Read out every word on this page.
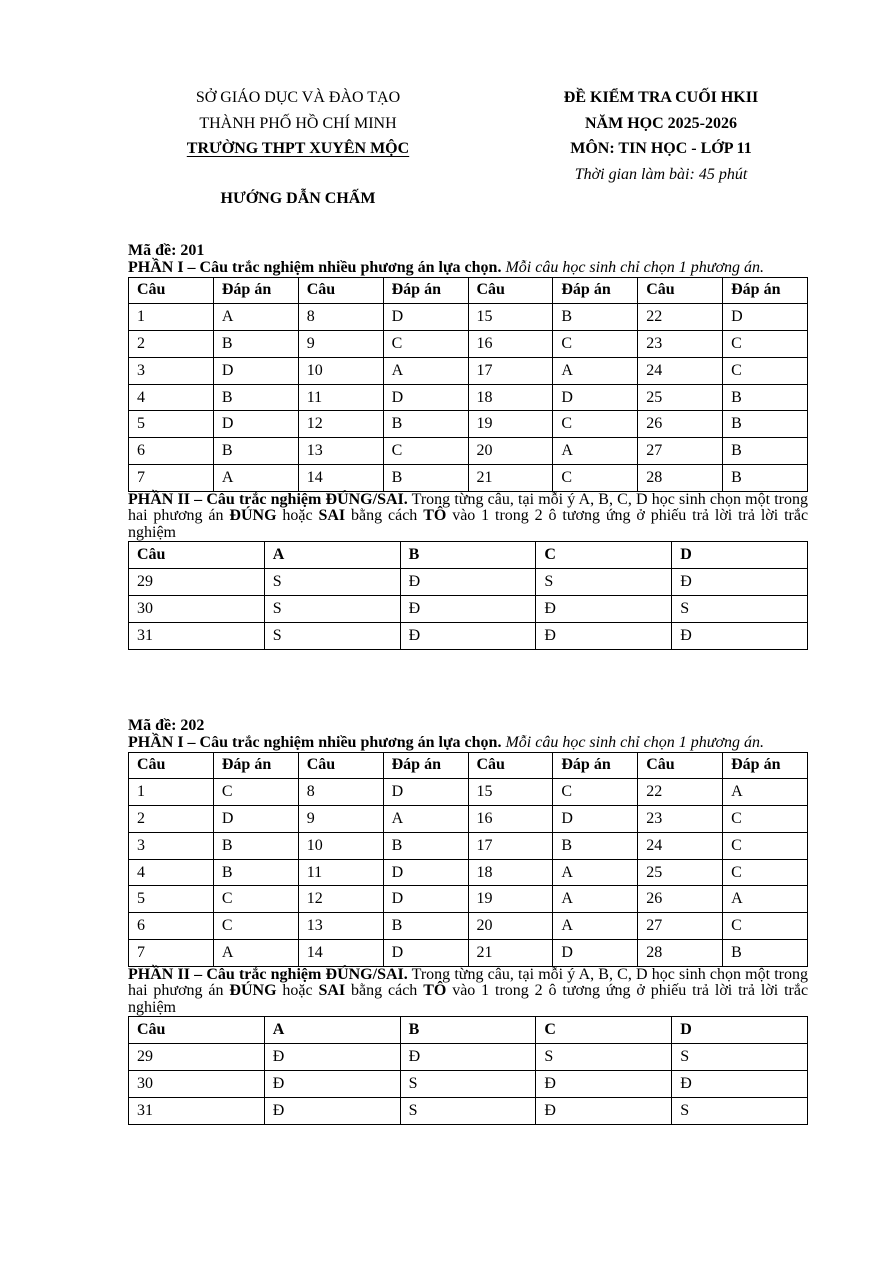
SỞ GIÁO DỤC VÀ ĐÀO TẠO
THÀNH PHỐ HỒ CHÍ MINH
TRƯỜNG THPT XUYÊN MỘC
ĐỀ KIỂM TRA CUỐI HKII
NĂM HỌC 2025-2026
MÔN: TIN HỌC - LỚP 11
Thời gian làm bài: 45 phút
HƯỚNG DẪN CHẤM
Mã đề: 201
PHẦN I – Câu trắc nghiệm nhiều phương án lựa chọn. Mỗi câu học sinh chỉ chọn 1 phương án.
Câu	Đáp án	Câu	Đáp án	Câu	Đáp án	Câu	Đáp án
1	A	8	D	15	B	22	D
2	B	9	C	16	C	23	C
3	D	10	A	17	A	24	C
4	B	11	D	18	D	25	B
5	D	12	B	19	C	26	B
6	B	13	C	20	A	27	B
7	A	14	B	21	C	28	B
PHẦN II – Câu trắc nghiệm ĐÚNG/SAI. Trong từng câu, tại mỗi ý A, B, C, D học sinh chọn một trong hai phương án ĐÚNG hoặc SAI bằng cách TÔ vào 1 trong 2 ô tương ứng ở phiếu trả lời trả lời trắc nghiệm
Câu	A	B	C	D
29	S	Đ	S	Đ
30	S	Đ	Đ	S
31	S	Đ	Đ	Đ
Mã đề: 202
PHẦN I – Câu trắc nghiệm nhiều phương án lựa chọn. Mỗi câu học sinh chỉ chọn 1 phương án.
Câu	Đáp án	Câu	Đáp án	Câu	Đáp án	Câu	Đáp án
1	C	8	D	15	C	22	A
2	D	9	A	16	D	23	C
3	B	10	B	17	B	24	C
4	B	11	D	18	A	25	C
5	C	12	D	19	A	26	A
6	C	13	B	20	A	27	C
7	A	14	D	21	D	28	B
PHẦN II – Câu trắc nghiệm ĐÚNG/SAI. Trong từng câu, tại mỗi ý A, B, C, D học sinh chọn một trong hai phương án ĐÚNG hoặc SAI bằng cách TÔ vào 1 trong 2 ô tương ứng ở phiếu trả lời trả lời trắc nghiệm
Câu	A	B	C	D
29	Đ	Đ	S	S
30	Đ	S	Đ	Đ
31	Đ	S	Đ	S
